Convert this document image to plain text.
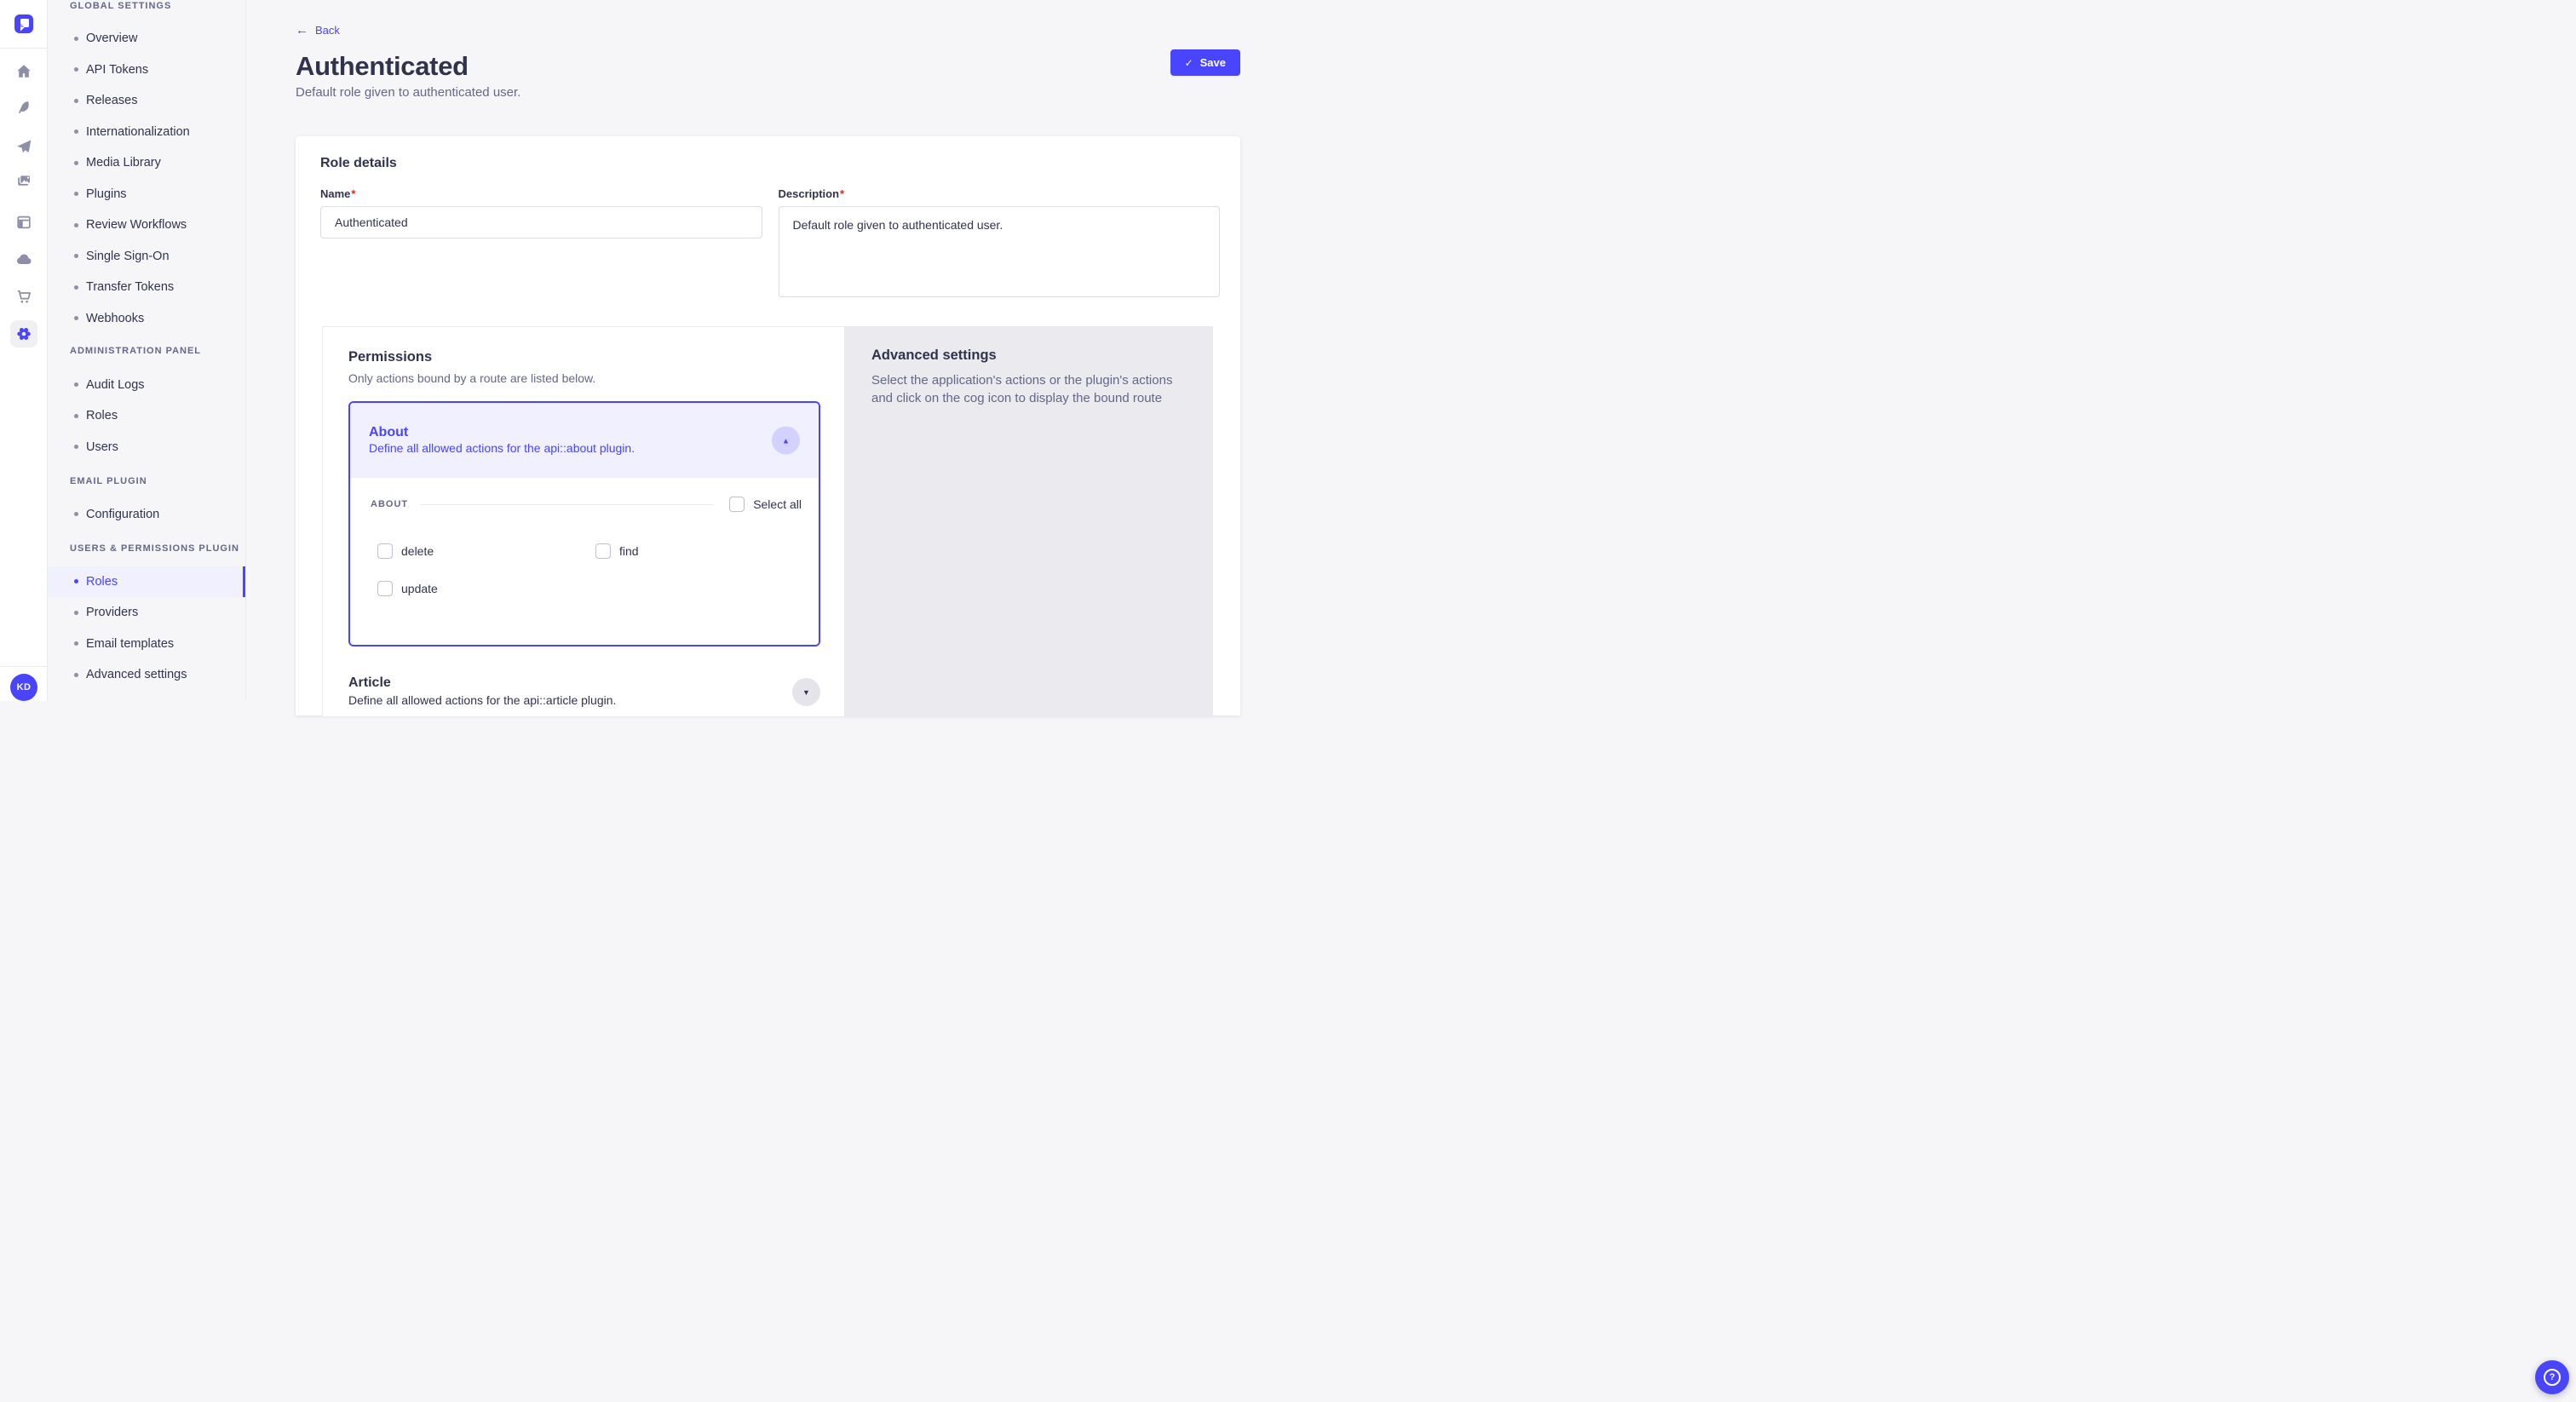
KD
GLOBAL SETTINGS
Overview
API Tokens
Releases
Internationalization
Media Library
Plugins
Review Workflows
Single Sign-On
Transfer Tokens
Webhooks
ADMINISTRATION PANEL
Audit Logs
Roles
Users
EMAIL PLUGIN
Configuration
USERS & PERMISSIONS PLUGIN
Roles
Providers
Email templates
Advanced settings
← Back
Authenticated
Default role given to authenticated user.
✓ Save
Role details
Name*
Authenticated	Description*
Default role given to authenticated user.
Permissions
Only actions bound by a route are listed below.
About
Define all allowed actions for the api::about plugin.
▲
ABOUT	Select all
delete	find
update
Article
Define all allowed actions for the api::article plugin.
▼
Advanced settings
Select the application's actions or the plugin's actions and click on the cog icon to display the bound route
?
